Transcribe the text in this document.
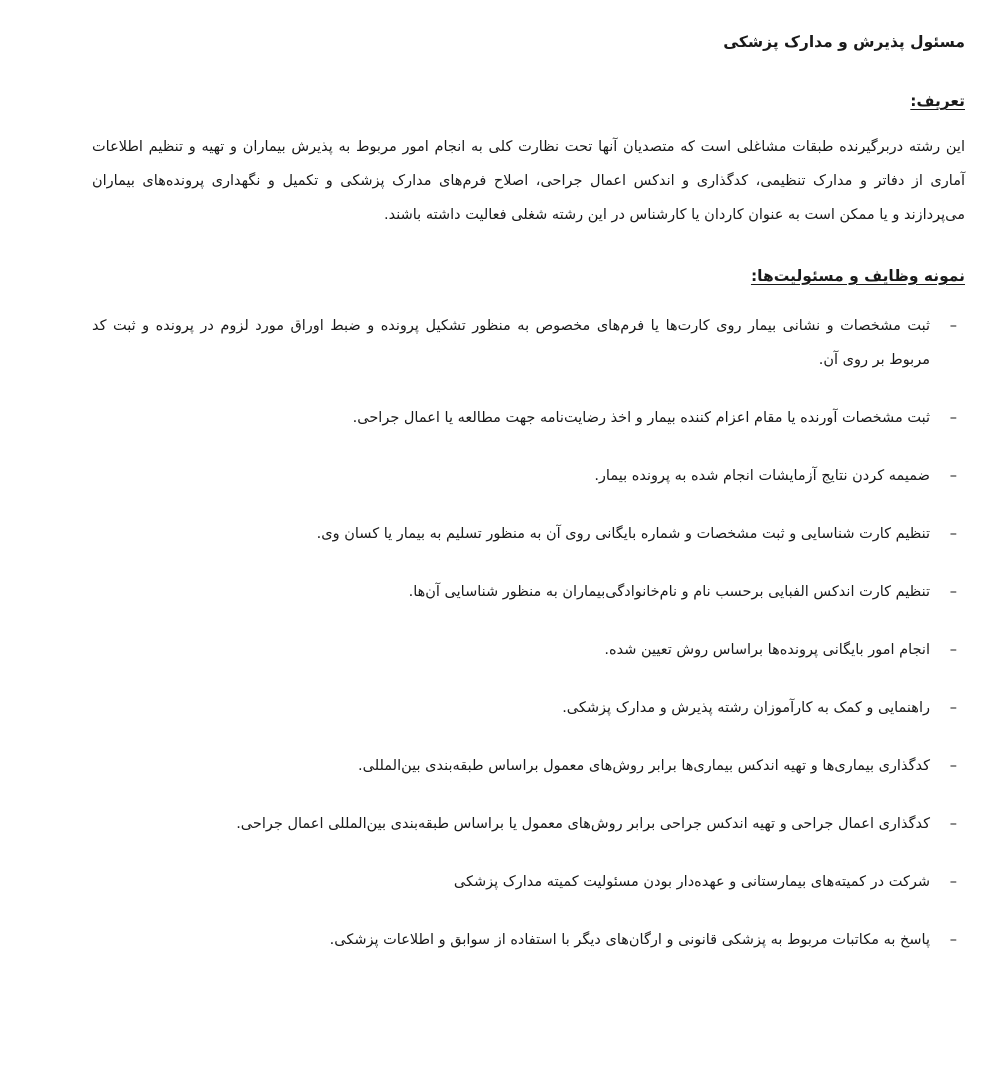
مسئول پذیرش و مدارک پزشکی
تعریف:

این رشته دربرگیرنده طبقات مشاغلی است که متصدیان آنها تحت نظارت کلی به انجام امور مربوط به پذیرش بیماران و تهیه و تنظیم اطلاعات آماری از دفاتر و مدارک تنظیمی، کدگذاری و اندکس اعمال جراحی، اصلاح فرم‌های مدارک پزشکی و تکمیل و نگهداری پرونده‌های بیماران می‌پردازند و یا ممکن است به عنوان کاردان یا کارشناس در این رشته شغلی فعالیت داشته باشند.

نمونه وظایف و مسئولیت‌ها:
–
ثبت مشخصات و نشانی بیمار روی کارت‌ها یا فرم‌های مخصوص به منظور تشکیل پرونده و ضبط اوراق مورد لزوم در پرونده و ثبت کد مربوط بر روی آن.
–
ثبت مشخصات آورنده یا مقام اعزام کننده بیمار و اخذ رضایت‌نامه جهت مطالعه یا اعمال جراحی.
–
ضمیمه کردن نتایج آزمایشات انجام شده به پرونده بیمار.
–
تنظیم کارت شناسایی و ثبت مشخصات و شماره بایگانی روی آن به منظور تسلیم به بیمار یا کسان وی.
–
تنظیم کارت اندکس الفبایی برحسب نام و نام‌خانوادگی‌بیماران به منظور شناسایی آن‌ها.
–
انجام امور بایگانی پرونده‌ها براساس روش تعیین شده.
–
راهنمایی و کمک به کارآموزان رشته پذیرش و مدارک پزشکی.
–
کدگذاری بیماری‌ها و تهیه اندکس بیماری‌ها برابر روش‌های معمول براساس طبقه‌بندی بین‌المللی.
–
کدگذاری اعمال جراحی و تهیه اندکس جراحی برابر روش‌های معمول یا براساس طبقه‌بندی بین‌المللی اعمال جراحی.
–
شرکت در کمیته‌های بیمارستانی و عهده‌دار بودن مسئولیت کمیته مدارک پزشکی
–
پاسخ به مکاتبات مربوط به پزشکی قانونی و ارگان‌های دیگر با استفاده از سوابق و اطلاعات پزشکی.
